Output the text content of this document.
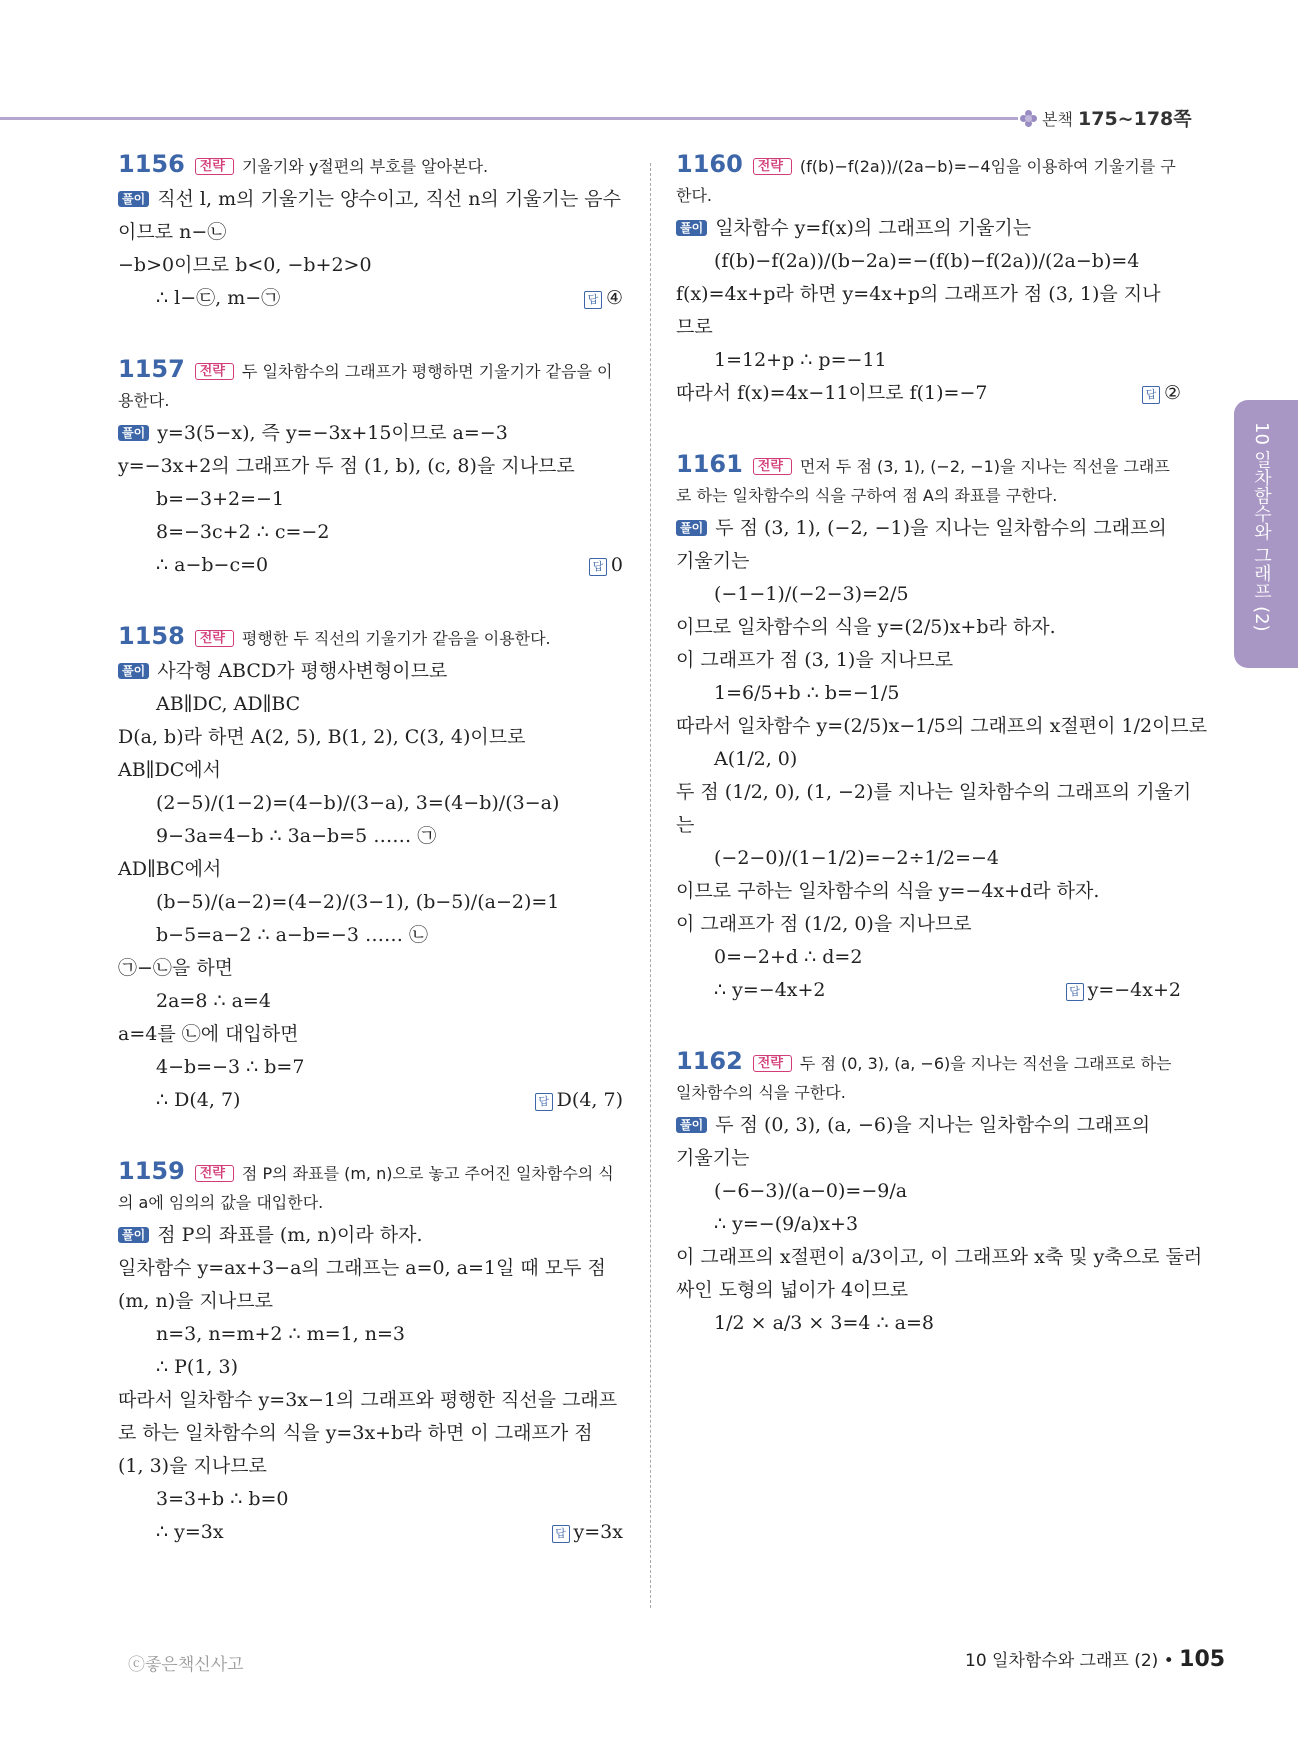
본책 175~178쪽
1156 전략 기울기와 y절편의 부호를 알아본다.
풀이 직선 l, m의 기울기는 양수이고, 직선 n의 기울기는 음수
이므로 n−㉡
−b>0이므로 b<0, −b+2>0
∴ l−㉢, m−㉠	답 ④
1157 전략 두 일차함수의 그래프가 평행하면 기울기가 같음을 이용한다.
풀이 y=3(5−x), 즉 y=−3x+15이므로 a=−3
y=−3x+2의 그래프가 두 점 (1, b), (c, 8)을 지나므로
b=−3+2=−1
8=−3c+2 ∴ c=−2
∴ a−b−c=0	답 0
1158 전략 평행한 두 직선의 기울기가 같음을 이용한다.
풀이 사각형 ABCD가 평행사변형이므로
AB∥DC, AD∥BC
D(a, b)라 하면 A(2, 5), B(1, 2), C(3, 4)이므로
AB∥DC에서
(2−5)/(1−2)=(4−b)/(3−a), 3=(4−b)/(3−a)
9−3a=4−b ∴ 3a−b=5 …… ㉠
AD∥BC에서
(b−5)/(a−2)=(4−2)/(3−1), (b−5)/(a−2)=1
b−5=a−2 ∴ a−b=−3 …… ㉡
㉠−㉡을 하면
2a=8 ∴ a=4
a=4를 ㉡에 대입하면
4−b=−3 ∴ b=7
∴ D(4, 7)	답 D(4, 7)
1159 전략 점 P의 좌표를 (m, n)으로 놓고 주어진 일차함수의 식의 a에 임의의 값을 대입한다.
풀이 점 P의 좌표를 (m, n)이라 하자.
일차함수 y=ax+3−a의 그래프는 a=0, a=1일 때 모두 점
(m, n)을 지나므로
n=3, n=m+2 ∴ m=1, n=3
∴ P(1, 3)
따라서 일차함수 y=3x−1의 그래프와 평행한 직선을 그래프
로 하는 일차함수의 식을 y=3x+b라 하면 이 그래프가 점
(1, 3)을 지나므로
3=3+b ∴ b=0
∴ y=3x	답 y=3x
1160 전략 (f(b)−f(2a))/(2a−b)=−4임을 이용하여 기울기를 구한다.
풀이 일차함수 y=f(x)의 그래프의 기울기는
(f(b)−f(2a))/(b−2a)=−(f(b)−f(2a))/(2a−b)=4
f(x)=4x+p라 하면 y=4x+p의 그래프가 점 (3, 1)을 지나
므로
1=12+p ∴ p=−11
따라서 f(x)=4x−11이므로 f(1)=−7	답 ②
1161 전략 먼저 두 점 (3, 1), (−2, −1)을 지나는 직선을 그래프로 하는 일차함수의 식을 구하여 점 A의 좌표를 구한다.
풀이 두 점 (3, 1), (−2, −1)을 지나는 일차함수의 그래프의
기울기는
(−1−1)/(−2−3)=2/5
이므로 일차함수의 식을 y=(2/5)x+b라 하자.
이 그래프가 점 (3, 1)을 지나므로
1=6/5+b ∴ b=−1/5
따라서 일차함수 y=(2/5)x−1/5의 그래프의 x절편이 1/2이므로
A(1/2, 0)
두 점 (1/2, 0), (1, −2)를 지나는 일차함수의 그래프의 기울기
는
(−2−0)/(1−1/2)=−2÷1/2=−4
이므로 구하는 일차함수의 식을 y=−4x+d라 하자.
이 그래프가 점 (1/2, 0)을 지나므로
0=−2+d ∴ d=2
∴ y=−4x+2	답 y=−4x+2
1162 전략 두 점 (0, 3), (a, −6)을 지나는 직선을 그래프로 하는 일차함수의 식을 구한다.
풀이 두 점 (0, 3), (a, −6)을 지나는 일차함수의 그래프의
기울기는
(−6−3)/(a−0)=−9/a
∴ y=−(9/a)x+3
이 그래프의 x절편이 a/3이고, 이 그래프와 x축 및 y축으로 둘러
싸인 도형의 넓이가 4이므로
1/2 × a/3 × 3=4 ∴ a=8
10 일차함수와 그래프 (2)
ⓒ좋은책신사고	10 일차함수와 그래프 (2) • 105
